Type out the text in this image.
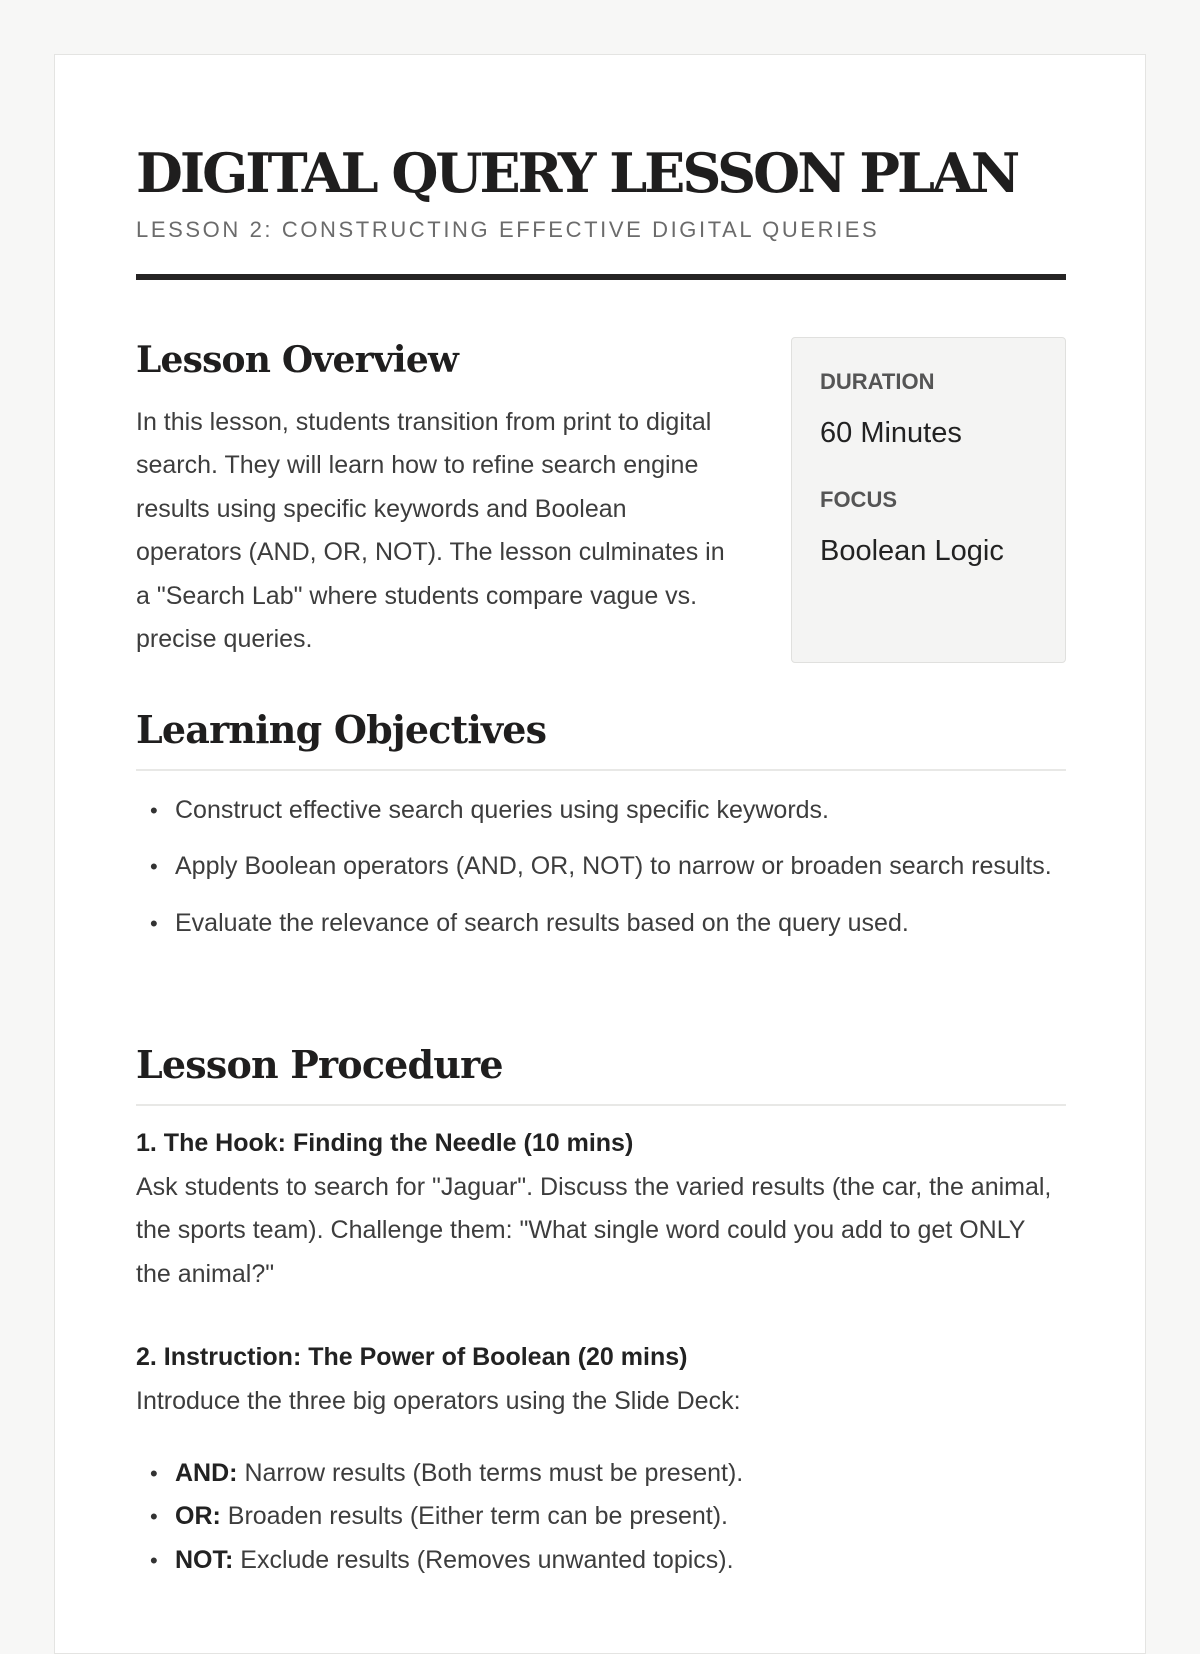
DIGITAL QUERY LESSON PLAN
LESSON 2: CONSTRUCTING EFFECTIVE DIGITAL QUERIES
Lesson Overview

In this lesson, students transition from print to digital search. They will learn how to refine search engine results using specific keywords and Boolean operators (AND, OR, NOT). The lesson culminates in a "Search Lab" where students compare vague vs. precise queries.

DURATION
60 Minutes
FOCUS
Boolean Logic
Learning Objectives
• Construct effective search queries using specific keywords.
• Apply Boolean operators (AND, OR, NOT) to narrow or broaden search results.
• Evaluate the relevance of search results based on the query used.
Lesson Procedure
1. The Hook: Finding the Needle (10 mins)

Ask students to search for "Jaguar". Discuss the varied results (the car, the animal, the sports team). Challenge them: "What single word could you add to get ONLY the animal?"

2. Instruction: The Power of Boolean (20 mins)

Introduce the three big operators using the Slide Deck:

• AND: Narrow results (Both terms must be present).
• OR: Broaden results (Either term can be present).
• NOT: Exclude results (Removes unwanted topics).
